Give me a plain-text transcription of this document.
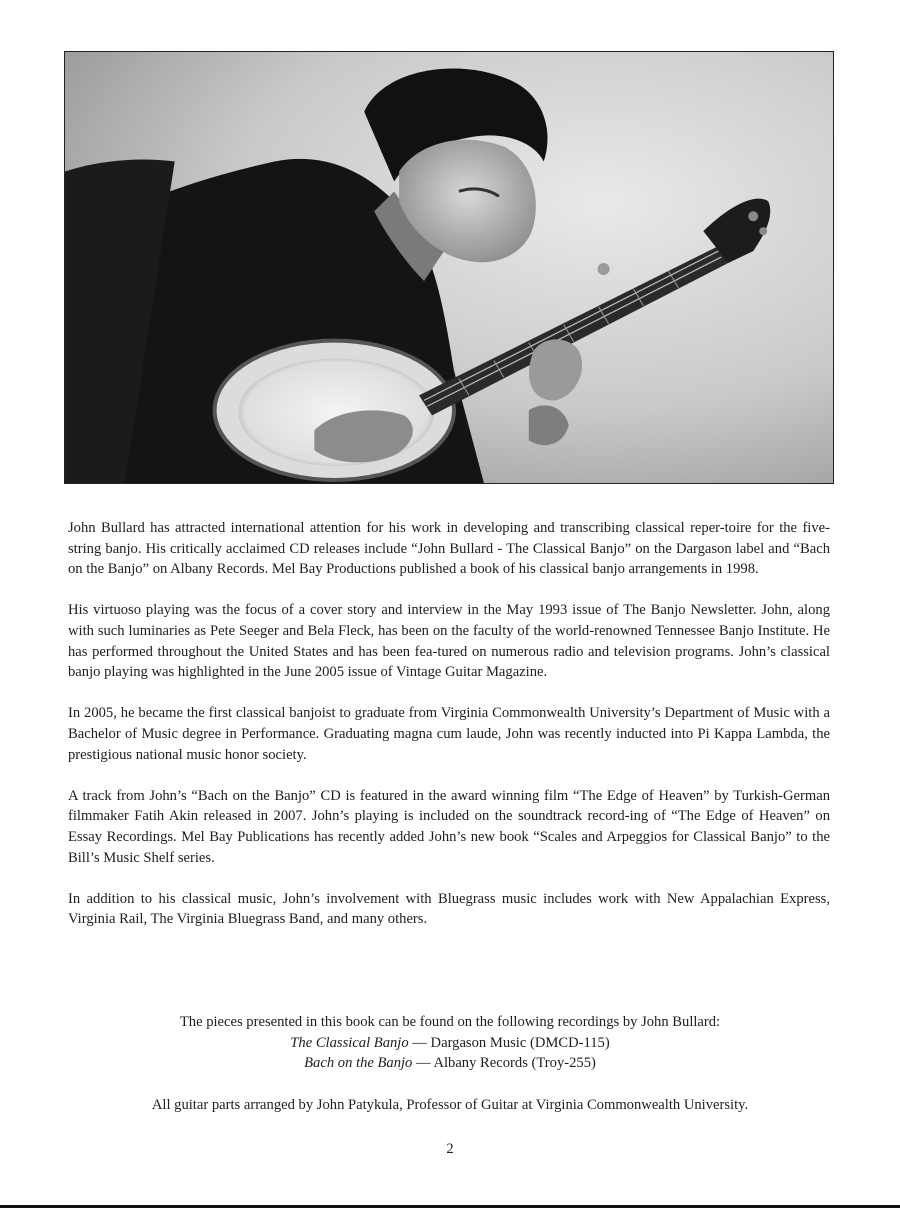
John Bullard has attracted international attention for his work in developing and transcribing classical reper-toire for the five-string banjo. His critically acclaimed CD releases include “John Bullard - The Classical Banjo” on the Dargason label and “Bach on the Banjo” on Albany Records. Mel Bay Productions published a book of his classical banjo arrangements in 1998.

His virtuoso playing was the focus of a cover story and interview in the May 1993 issue of The Banjo Newsletter. John, along with such luminaries as Pete Seeger and Bela Fleck, has been on the faculty of the world-renowned Tennessee Banjo Institute. He has performed throughout the United States and has been fea-tured on numerous radio and television programs. John’s classical banjo playing was highlighted in the June 2005 issue of Vintage Guitar Magazine.

In 2005, he became the first classical banjoist to graduate from Virginia Commonwealth University’s Department of Music with a Bachelor of Music degree in Performance. Graduating magna cum laude, John was recently inducted into Pi Kappa Lambda, the prestigious national music honor society.

A track from John’s “Bach on the Banjo” CD is featured in the award winning film “The Edge of Heaven” by Turkish-German filmmaker Fatih Akin released in 2007. John’s playing is included on the soundtrack record-ing of “The Edge of Heaven” on Essay Recordings. Mel Bay Publications has recently added John’s new book “Scales and Arpeggios for Classical Banjo” to the Bill’s Music Shelf series.

In addition to his classical music, John’s involvement with Bluegrass music includes work with New Appalachian Express, Virginia Rail, The Virginia Bluegrass Band, and many others.

The pieces presented in this book can be found on the following recordings by John Bullard:
The Classical Banjo — Dargason Music (DMCD-115)
Bach on the Banjo — Albany Records (Troy-255)
All guitar parts arranged by John Patykula, Professor of Guitar at Virginia Commonwealth University.
2
